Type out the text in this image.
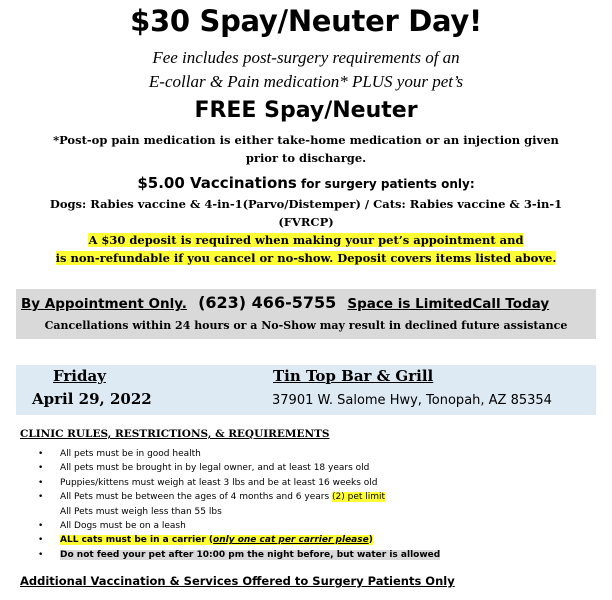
$30 Spay/Neuter Day!
Fee includes post-surgery requirements of an
E-collar & Pain medication* PLUS your pet’s
FREE Spay/Neuter
*Post-op pain medication is either take-home medication or an injection given
prior to discharge.
$5.00 Vaccinations for surgery patients only:
Dogs: Rabies vaccine & 4-in-1(Parvo/Distemper) / Cats: Rabies vaccine & 3-in-1
(FVRCP)
A $30 deposit is required when making your pet’s appointment and
is non-refundable if you cancel or no-show. Deposit covers items listed above.
By Appointment Only. (623) 466-5755 Space is LimitedCall Today
Cancellations within 24 hours or a No-Show may result in declined future assistance
Friday
April 29, 2022
Tin Top Bar & Grill
37901 W. Salome Hwy, Tonopah, AZ 85354
CLINIC RULES, RESTRICTIONS, & REQUIREMENTS
• All pets must be in good health
• All pets must be brought in by legal owner, and at least 18 years old
• Puppies/kittens must weigh at least 3 lbs and be at least 16 weeks old
• All Pets must be between the ages of 4 months and 6 years (2) pet limit
All Pets must weigh less than 55 lbs
• All Dogs must be on a leash
• ALL cats must be in a carrier (only one cat per carrier please)
• Do not feed your pet after 10:00 pm the night before, but water is allowed
Additional Vaccination & Services Offered to Surgery Patients Only
